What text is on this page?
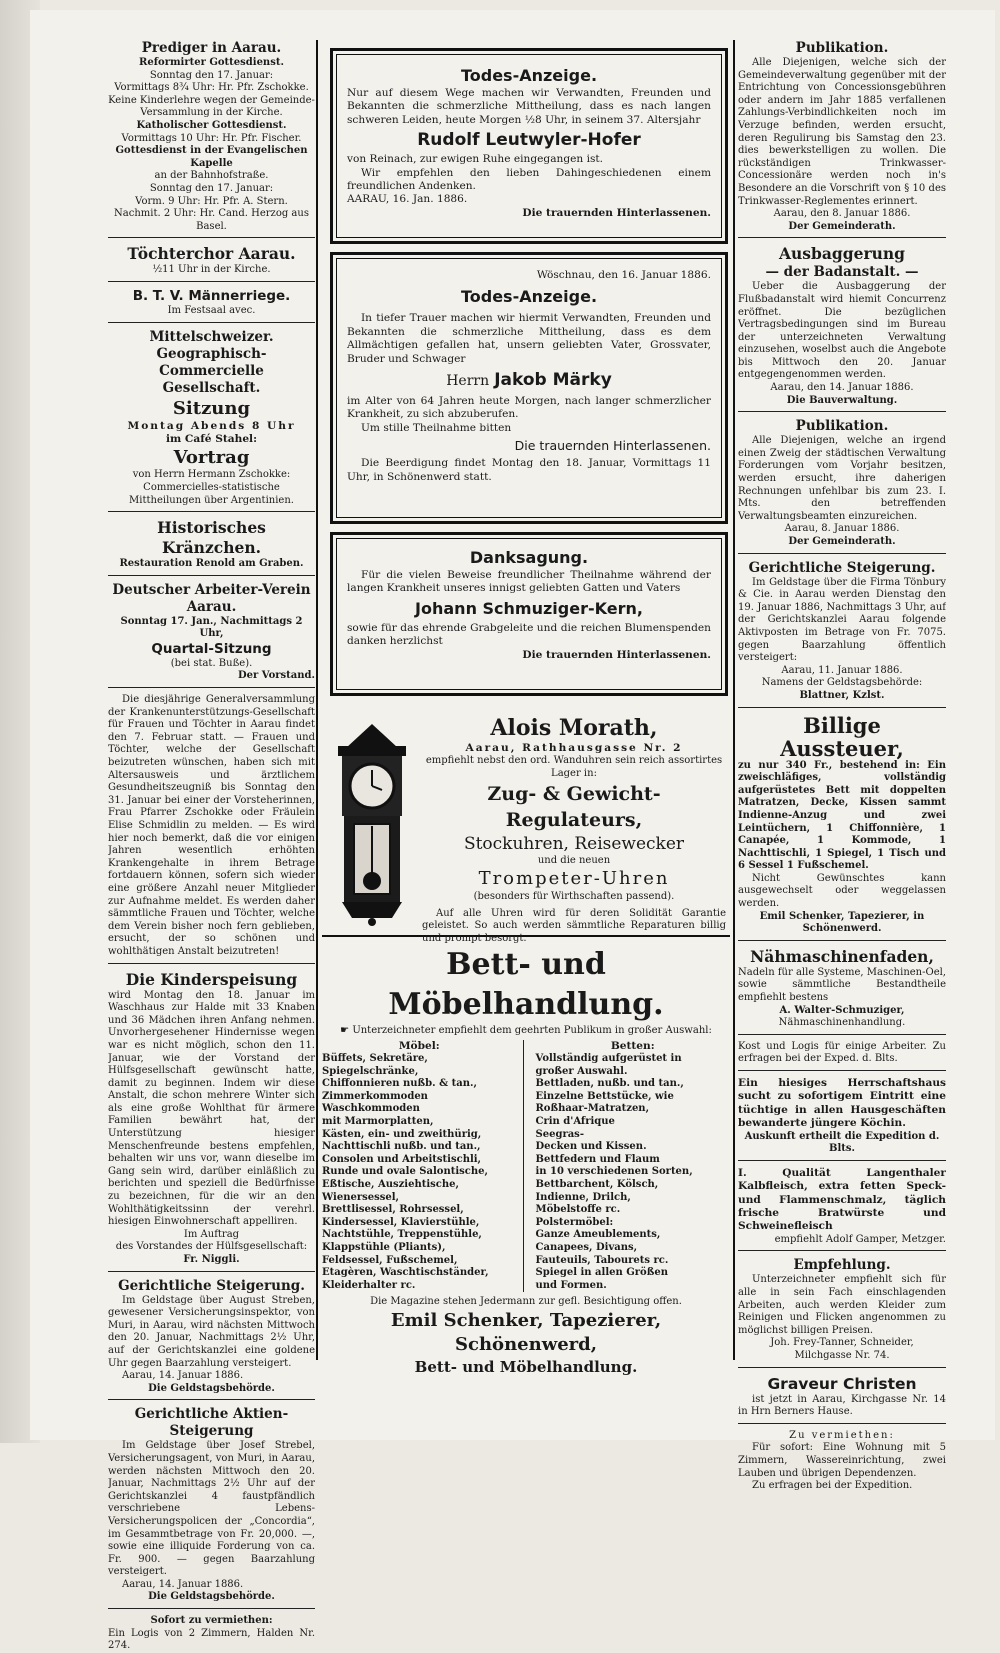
Prediger in Aarau.
Reformirter Gottesdienst.
Sonntag den 17. Januar:
Vormittags 8¾ Uhr: Hr. Pfr. Zschokke.
Keine Kinderlehre wegen der Gemeinde-
Versammlung in der Kirche.
Katholischer Gottesdienst.
Vormittags 10 Uhr: Hr. Pfr. Fischer.
Gottesdienst in der Evangelischen Kapelle
an der Bahnhofstraße.
Sonntag den 17. Januar:
Vorm. 9 Uhr: Hr. Pfr. A. Stern.
Nachmit. 2 Uhr: Hr. Cand. Herzog aus Basel.
Töchterchor Aarau.
½11 Uhr in der Kirche.
B. T. V. Männerriege.
Im Festsaal avec.
Mittelschweizer. Geographisch-Commercielle Gesellschaft.
Sitzung
Montag Abends 8 Uhr
im Café Stahel:
Vortrag
von Herrn Hermann Zschokke:
Commercielles-statistische Mittheilungen über Argentinien.
Historisches Kränzchen.
Restauration Renold am Graben.
Deutscher Arbeiter-Verein Aarau.
Sonntag 17. Jan., Nachmittags 2 Uhr,
Quartal-Sitzung
(bei stat. Buße).
Der Vorstand.
Die diesjährige Generalversammlung der Krankenunterstützungs-Gesellschaft für Frauen und Töchter in Aarau findet den 7. Februar statt. — Frauen und Töchter, welche der Gesellschaft beizutreten wünschen, haben sich mit Altersausweis und ärztlichem Gesundheitszeugniß bis Sonntag den 31. Januar bei einer der Vorsteherinnen, Frau Pfarrer Zschokke oder Fräulein Elise Schmidlin zu melden. — Es wird hier noch bemerkt, daß die vor einigen Jahren wesentlich erhöhten Krankengehalte in ihrem Betrage fortdauern können, sofern sich wieder eine größere Anzahl neuer Mitglieder zur Aufnahme meldet. Es werden daher sämmtliche Frauen und Töchter, welche dem Verein bisher noch fern geblieben, ersucht, der so schönen und wohlthätigen Anstalt beizutreten!
Die Kinderspeisung
wird Montag den 18. Januar im Waschhaus zur Halde mit 33 Knaben und 36 Mädchen ihren Anfang nehmen. Unvorhergesehener Hindernisse wegen war es nicht möglich, schon den 11. Januar, wie der Vorstand der Hülfsgesellschaft gewünscht hatte, damit zu beginnen. Indem wir diese Anstalt, die schon mehrere Winter sich als eine große Wohlthat für ärmere Familien bewährt hat, der Unterstützung hiesiger Menschenfreunde bestens empfehlen, behalten wir uns vor, wann dieselbe im Gang sein wird, darüber einläßlich zu berichten und speziell die Bedürfnisse zu bezeichnen, für die wir an den Wohlthätigkeitssinn der verehrl. hiesigen Einwohnerschaft appelliren.
Im Auftrag
des Vorstandes der Hülfsgesellschaft:
Fr. Niggli.
Gerichtliche Steigerung.
Im Geldstage über August Streben, gewesener Versicherungsinspektor, von Muri, in Aarau, wird nächsten Mittwoch den 20. Januar, Nachmittags 2½ Uhr, auf der Gerichtskanzlei eine goldene Uhr gegen Baarzahlung versteigert.
Aarau, 14. Januar 1886.
Die Geldstagsbehörde.
Gerichtliche Aktien-Steigerung
Im Geldstage über Josef Strebel, Versicherungsagent, von Muri, in Aarau, werden nächsten Mittwoch den 20. Januar, Nachmittags 2½ Uhr auf der Gerichtskanzlei 4 faustpfändlich verschriebene Lebens-Versicherungspolicen der „Concordia“, im Gesammtbetrage von Fr. 20,000. —, sowie eine illiquide Forderung von ca. Fr. 900. — gegen Baarzahlung versteigert.
Aarau, 14. Januar 1886.
Die Geldstagsbehörde.
Sofort zu vermiethen:
Ein Logis von 2 Zimmern, Halden Nr. 274.
Todes-Anzeige.
Nur auf diesem Wege machen wir Verwandten, Freunden und Bekannten die schmerzliche Mittheilung, dass es nach langen schweren Leiden, heute Morgen ½8 Uhr, in seinem 37. Altersjahr
Rudolf Leutwyler-Hofer
von Reinach, zur ewigen Ruhe eingegangen ist.
Wir empfehlen den lieben Dahingeschiedenen einem freundlichen Andenken.
AARAU, 16. Jan. 1886.
Die trauernden Hinterlassenen.
Wöschnau, den 16. Januar 1886.
Todes-Anzeige.
In tiefer Trauer machen wir hiermit Verwandten, Freunden und Bekannten die schmerzliche Mittheilung, dass es dem Allmächtigen gefallen hat, unsern geliebten Vater, Grossvater, Bruder und Schwager
Herrn Jakob Märky
im Alter von 64 Jahren heute Morgen, nach langer schmerzlicher Krankheit, zu sich abzuberufen.
Um stille Theilnahme bitten
Die trauernden Hinterlassenen.
Die Beerdigung findet Montag den 18. Januar, Vormittags 11 Uhr, in Schönenwerd statt.
Danksagung.
Für die vielen Beweise freundlicher Theilnahme während der langen Krankheit unseres innigst geliebten Gatten und Vaters
Johann Schmuziger-Kern,
sowie für das ehrende Grabgeleite und die reichen Blumenspenden danken herzlichst
Die trauernden Hinterlassenen.
Alois Morath,
Aarau, Rathhausgasse Nr. 2
empfiehlt nebst den ord. Wanduhren sein reich assortirtes Lager in:
Zug- & Gewicht-Regulateurs,
Stockuhren, Reisewecker
und die neuen
Trompeter-Uhren
(besonders für Wirthschaften passend).
Auf alle Uhren wird für deren Solidität Garantie geleistet. So auch werden sämmtliche Reparaturen billig und prompt besorgt.
Bett- und Möbelhandlung.
☛ Unterzeichneter empfiehlt dem geehrten Publikum in großer Auswahl:
Möbel:
Büffets, Sekretäre,
Spiegelschränke,
Chiffonnieren nußb. & tan.,
Zimmerkommoden
Waschkommoden
mit Marmorplatten,
Kästen, ein- und zweithürig,
Nachttischli nußb. und tan.,
Consolen und Arbeitstischli,
Runde und ovale Salontische,
Eßtische, Ausziehtische,
Wienersessel,
Brettlisessel, Rohrsessel,
Kindersessel, Klavierstühle,
Nachtstühle, Treppenstühle,
Klappstühle (Pliants),
Feldsessel, Fußschemel,
Etagèren, Waschtischständer,
Kleiderhalter rc.
Betten:
Vollständig aufgerüstet in
großer Auswahl.
Bettladen, nußb. und tan.,
Einzelne Bettstücke, wie
Roßhaar-Matratzen,
Crin d'Afrique
Seegras-
Decken und Kissen.
Bettfedern und Flaum
in 10 verschiedenen Sorten,
Bettbarchent, Kölsch,
Indienne, Drilch,
Möbelstoffe rc.
Polstermöbel:
Ganze Ameublements,
Canapees, Divans,
Fauteuils, Tabourets rc.
Spiegel in allen Größen
und Formen.
Die Magazine stehen Jedermann zur gefl. Besichtigung offen.
Emil Schenker, Tapezierer, Schönenwerd,
Bett- und Möbelhandlung.
Publikation.
Alle Diejenigen, welche sich der Gemeindeverwaltung gegenüber mit der Entrichtung von Concessionsgebühren oder andern im Jahr 1885 verfallenen Zahlungs-Verbindlichkeiten noch im Verzuge befinden, werden ersucht, deren Regulirung bis Samstag den 23. dies bewerkstelligen zu wollen. Die rückständigen Trinkwasser-Concessionäre werden noch in's Besondere an die Vorschrift von § 10 des Trinkwasser-Reglementes erinnert.
Aarau, den 8. Januar 1886.
Der Gemeinderath.
Ausbaggerung
— der Badanstalt. —
Ueber die Ausbaggerung der Flußbadanstalt wird hiemit Concurrenz eröffnet. Die bezüglichen Vertragsbedingungen sind im Bureau der unterzeichneten Verwaltung einzusehen, woselbst auch die Angebote bis Mittwoch den 20. Januar entgegengenommen werden.
Aarau, den 14. Januar 1886.
Die Bauverwaltung.
Publikation.
Alle Diejenigen, welche an irgend einen Zweig der städtischen Verwaltung Forderungen vom Vorjahr besitzen, werden ersucht, ihre daherigen Rechnungen unfehlbar bis zum 23. I. Mts. den betreffenden Verwaltungsbeamten einzureichen.
Aarau, 8. Januar 1886.
Der Gemeinderath.
Gerichtliche Steigerung.
Im Geldstage über die Firma Tönbury & Cie. in Aarau werden Dienstag den 19. Januar 1886, Nachmittags 3 Uhr, auf der Gerichtskanzlei Aarau folgende Aktivposten im Betrage von Fr. 7075. gegen Baarzahlung öffentlich versteigert:
Aarau, 11. Januar 1886.
Namens der Geldstagsbehörde:
Blattner, Kzlst.
Billige Aussteuer,
zu nur 340 Fr., bestehend in: Ein zweischläfiges, vollständig aufgerüstetes Bett mit doppelten Matratzen, Decke, Kissen sammt Indienne-Anzug und zwei Leintüchern, 1 Chiffonnière, 1 Canapée, 1 Kommode, 1 Nachttischli, 1 Spiegel, 1 Tisch und 6 Sessel 1 Fußschemel.
Nicht Gewünschtes kann ausgewechselt oder weggelassen werden.
Emil Schenker, Tapezierer, in Schönenwerd.
Nähmaschinenfaden,
Nadeln für alle Systeme, Maschinen-Oel, sowie sämmtliche Bestandtheile empfiehlt bestens
A. Walter-Schmuziger,
Nähmaschinenhandlung.
Kost und Logis für einige Arbeiter. Zu erfragen bei der Exped. d. Blts.
Ein hiesiges Herrschaftshaus sucht zu sofortigem Eintritt eine tüchtige in allen Hausgeschäften bewanderte jüngere Köchin.
Auskunft ertheilt die Expedition d. Blts.
I. Qualität Langenthaler Kalbfleisch, extra fetten Speck- und Flammenschmalz, täglich frische Bratwürste und Schweinefleisch
empfiehlt Adolf Gamper, Metzger.
Empfehlung.
Unterzeichneter empfiehlt sich für alle in sein Fach einschlagenden Arbeiten, auch werden Kleider zum Reinigen und Flicken angenommen zu möglichst billigen Preisen.
Joh. Frey-Tanner, Schneider,
Milchgasse Nr. 74.
Graveur Christen
ist jetzt in Aarau, Kirchgasse Nr. 14 in Hrn Berners Hause.
Zu vermiethen:
Für sofort: Eine Wohnung mit 5 Zimmern, Wassereinrichtung, zwei Lauben und übrigen Dependenzen.
Zu erfragen bei der Expedition.
